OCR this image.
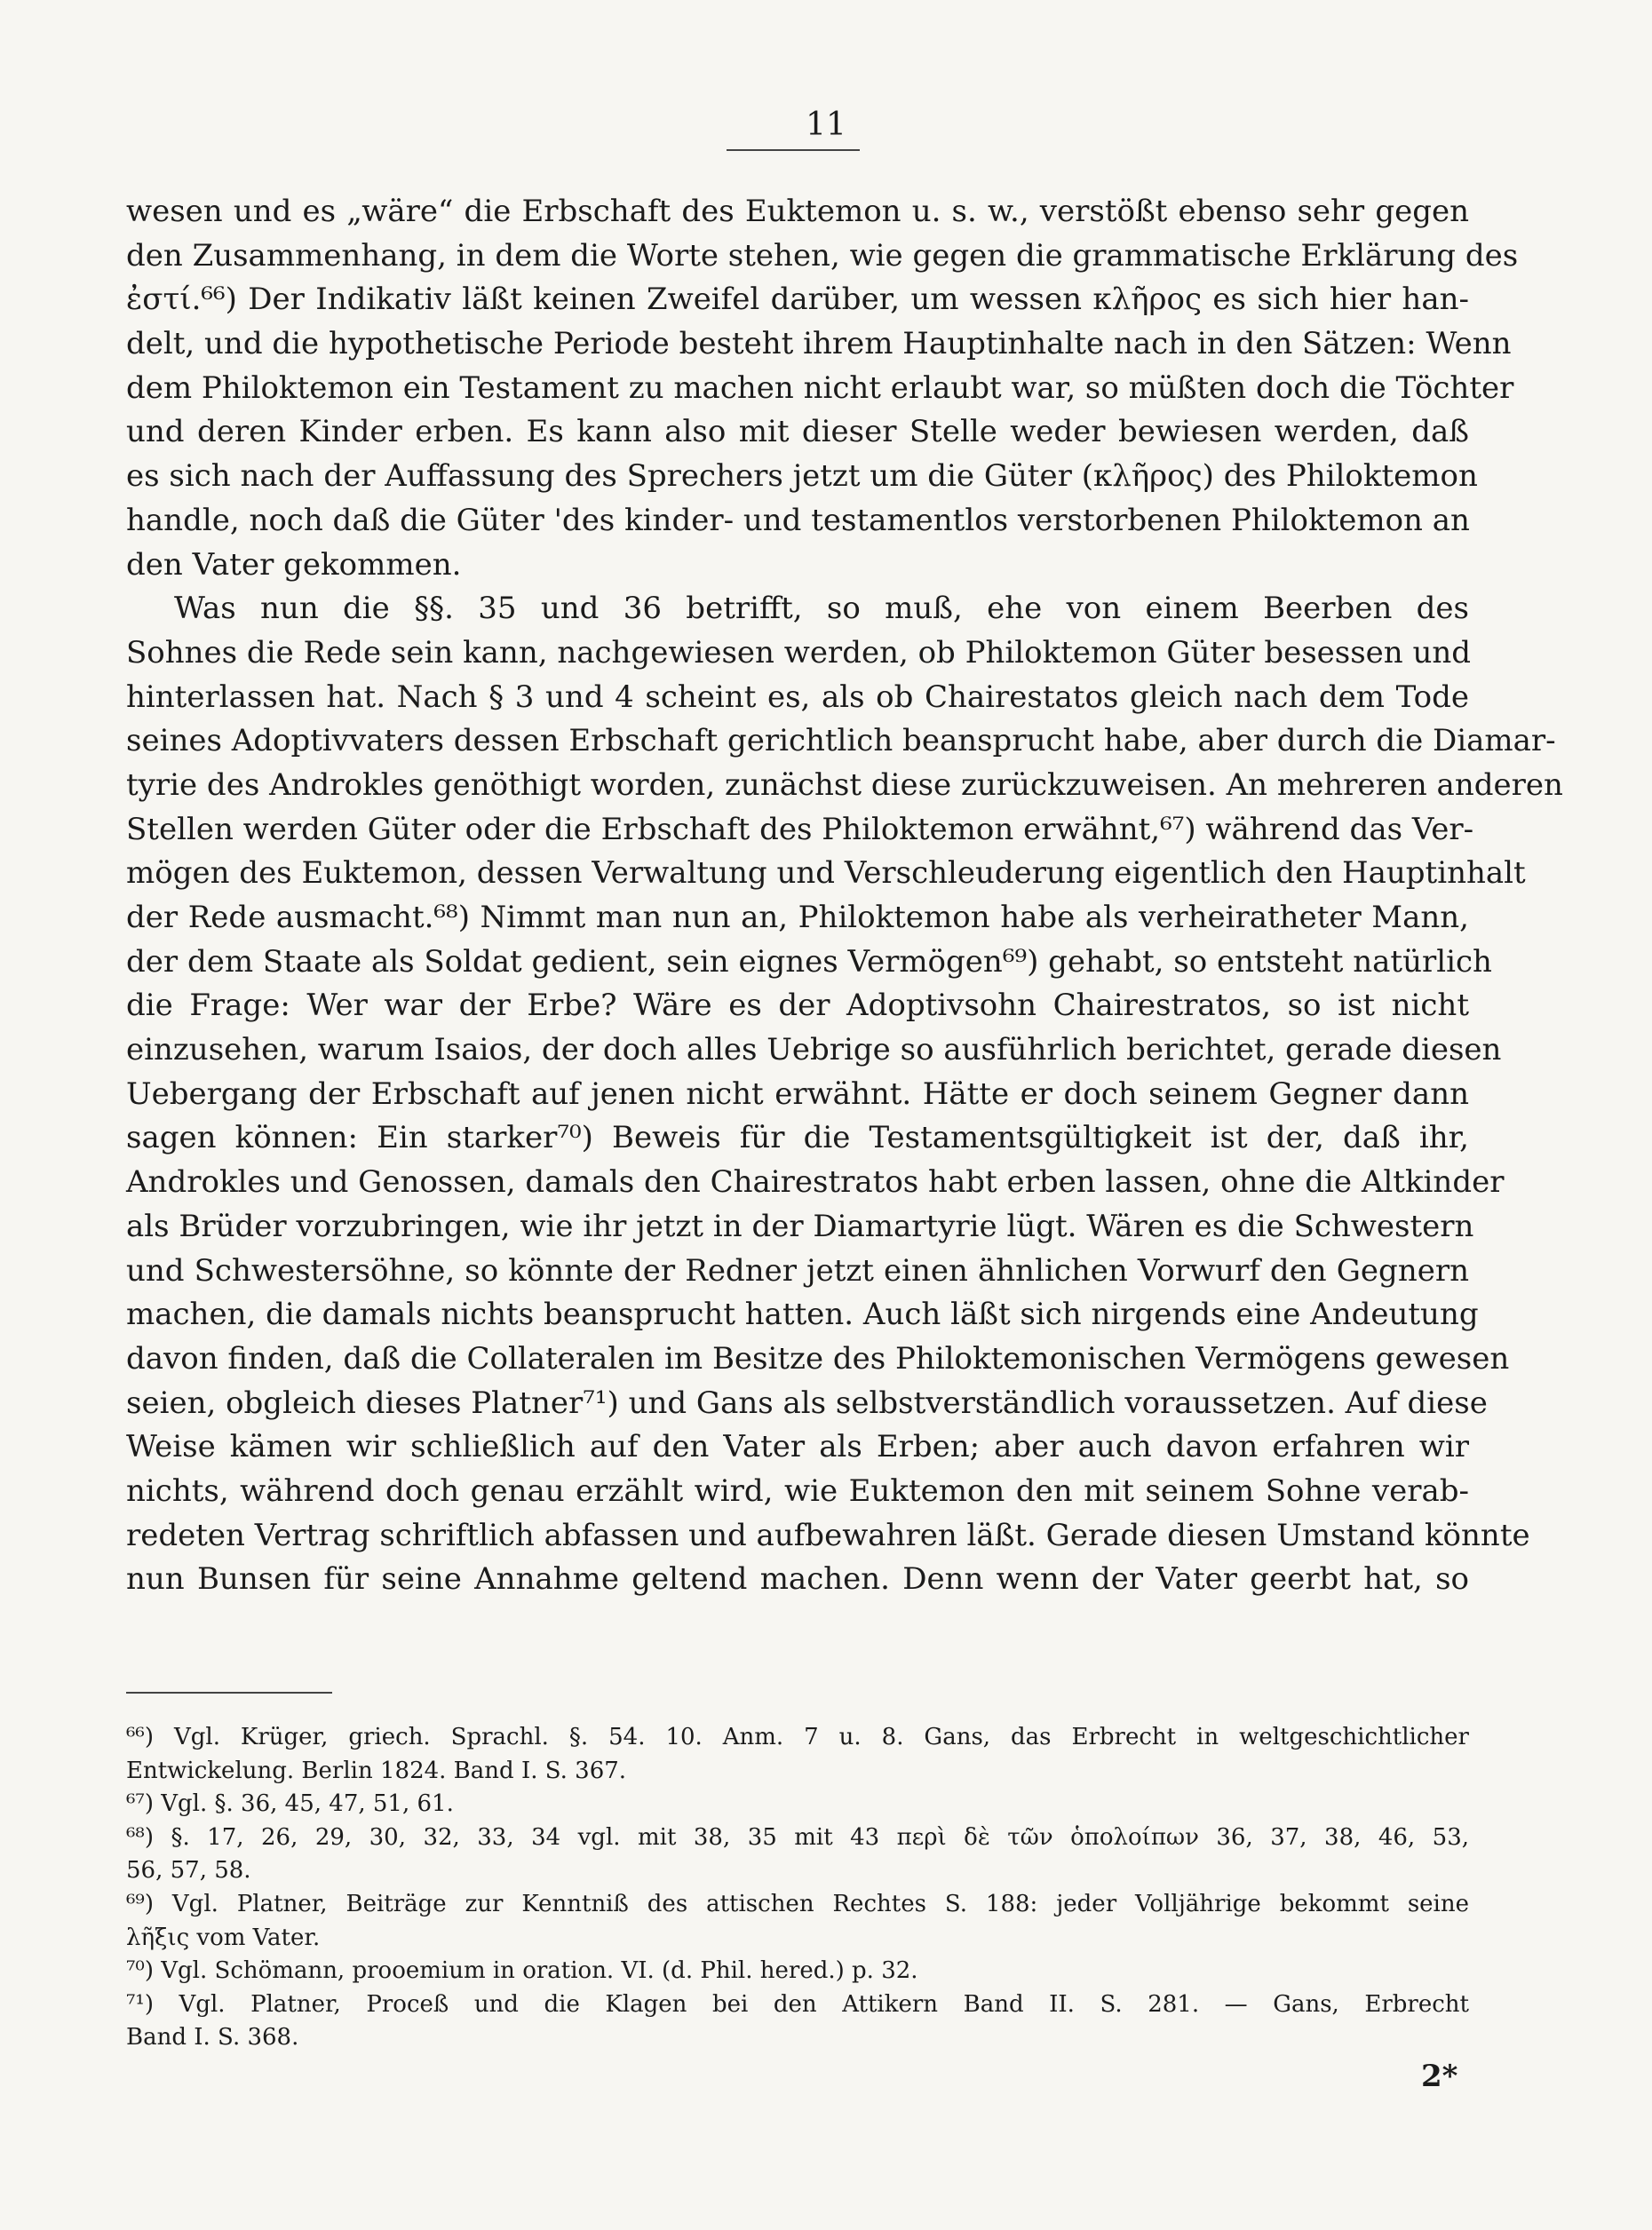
11
wesen und es „wäre“ die Erbschaft des Euktemon u. s. w., verstößt ebenso sehr gegen
den Zusammenhang, in dem die Worte stehen, wie gegen die grammatische Erklärung des
ἐστί.⁶⁶) Der Indikativ läßt keinen Zweifel darüber, um wessen κλῆρος es sich hier han-
delt, und die hypothetische Periode besteht ihrem Hauptinhalte nach in den Sätzen: Wenn
dem Philoktemon ein Testament zu machen nicht erlaubt war, so müßten doch die Töchter
und deren Kinder erben. Es kann also mit dieser Stelle weder bewiesen werden, daß
es sich nach der Auffassung des Sprechers jetzt um die Güter (κλῆρος) des Philoktemon
handle, noch daß die Güter 'des kinder- und testamentlos verstorbenen Philoktemon an
den Vater gekommen.
Was nun die §§. 35 und 36 betrifft, so muß, ehe von einem Beerben des
Sohnes die Rede sein kann, nachgewiesen werden, ob Philoktemon Güter besessen und
hinterlassen hat. Nach § 3 und 4 scheint es, als ob Chairestatos gleich nach dem Tode
seines Adoptivvaters dessen Erbschaft gerichtlich beansprucht habe, aber durch die Diamar-
tyrie des Androkles genöthigt worden, zunächst diese zurückzuweisen. An mehreren anderen
Stellen werden Güter oder die Erbschaft des Philoktemon erwähnt,⁶⁷) während das Ver-
mögen des Euktemon, dessen Verwaltung und Verschleuderung eigentlich den Hauptinhalt
der Rede ausmacht.⁶⁸) Nimmt man nun an, Philoktemon habe als verheiratheter Mann,
der dem Staate als Soldat gedient, sein eignes Vermögen⁶⁹) gehabt, so entsteht natürlich
die Frage: Wer war der Erbe? Wäre es der Adoptivsohn Chairestratos, so ist nicht
einzusehen, warum Isaios, der doch alles Uebrige so ausführlich berichtet, gerade diesen
Uebergang der Erbschaft auf jenen nicht erwähnt. Hätte er doch seinem Gegner dann
sagen können: Ein starker⁷⁰) Beweis für die Testamentsgültigkeit ist der, daß ihr,
Androkles und Genossen, damals den Chairestratos habt erben lassen, ohne die Altkinder
als Brüder vorzubringen, wie ihr jetzt in der Diamartyrie lügt. Wären es die Schwestern
und Schwestersöhne, so könnte der Redner jetzt einen ähnlichen Vorwurf den Gegnern
machen, die damals nichts beansprucht hatten. Auch läßt sich nirgends eine Andeutung
davon finden, daß die Collateralen im Besitze des Philoktemonischen Vermögens gewesen
seien, obgleich dieses Platner⁷¹) und Gans als selbstverständlich voraussetzen. Auf diese
Weise kämen wir schließlich auf den Vater als Erben; aber auch davon erfahren wir
nichts, während doch genau erzählt wird, wie Euktemon den mit seinem Sohne verab-
redeten Vertrag schriftlich abfassen und aufbewahren läßt. Gerade diesen Umstand könnte
nun Bunsen für seine Annahme geltend machen. Denn wenn der Vater geerbt hat, so
⁶⁶) Vgl. Krüger, griech. Sprachl. §. 54. 10. Anm. 7 u. 8. Gans, das Erbrecht in weltgeschichtlicher
Entwickelung. Berlin 1824. Band I. S. 367.
⁶⁷) Vgl. §. 36, 45, 47, 51, 61.
⁶⁸) §. 17, 26, 29, 30, 32, 33, 34 vgl. mit 38, 35 mit 43 περὶ δὲ τῶν ὁπολοίπων 36, 37, 38, 46, 53,
56, 57, 58.
⁶⁹) Vgl. Platner, Beiträge zur Kenntniß des attischen Rechtes S. 188: jeder Volljährige bekommt seine
λῆξις vom Vater.
⁷⁰) Vgl. Schömann, prooemium in oration. VI. (d. Phil. hered.) p. 32.
⁷¹) Vgl. Platner, Proceß und die Klagen bei den Attikern Band II. S. 281. — Gans, Erbrecht
Band I. S. 368.
2*
